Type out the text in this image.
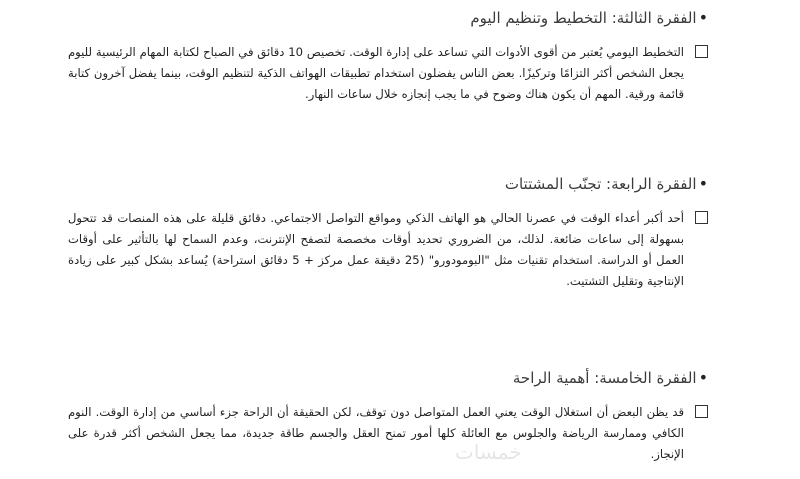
•الفقرة الثالثة: التخطيط وتنظيم اليوم

التخطيط اليومي يُعتبر من أقوى الأدوات التي تساعد على إدارة الوقت. تخصيص 10 دقائق في الصباح لكتابة المهام الرئيسية لليوم يجعل الشخص أكثر التزامًا وتركيزًا. بعض الناس يفضلون استخدام تطبيقات الهواتف الذكية لتنظيم الوقت، بينما يفضل آخرون كتابة قائمة ورقية. المهم أن يكون هناك وضوح في ما يجب إنجازه خلال ساعات النهار.

•الفقرة الرابعة: تجنّب المشتتات

أحد أكبر أعداء الوقت في عصرنا الحالي هو الهاتف الذكي ومواقع التواصل الاجتماعي. دقائق قليلة على هذه المنصات قد تتحول بسهولة إلى ساعات ضائعة. لذلك، من الضروري تحديد أوقات مخصصة لتصفح الإنترنت، وعدم السماح لها بالتأثير على أوقات العمل أو الدراسة. استخدام تقنيات مثل "البومودورو" (25 دقيقة عمل مركز + 5 دقائق استراحة) يُساعد بشكل كبير على زيادة الإنتاجية وتقليل التشتيت.

•الفقرة الخامسة: أهمية الراحة

قد يظن البعض أن استغلال الوقت يعني العمل المتواصل دون توقف، لكن الحقيقة أن الراحة جزء أساسي من إدارة الوقت. النوم الكافي وممارسة الرياضة والجلوس مع العائلة كلها أمور تمنح العقل والجسم طاقة جديدة، مما يجعل الشخص أكثر قدرة على الإنجاز.

خمسات
